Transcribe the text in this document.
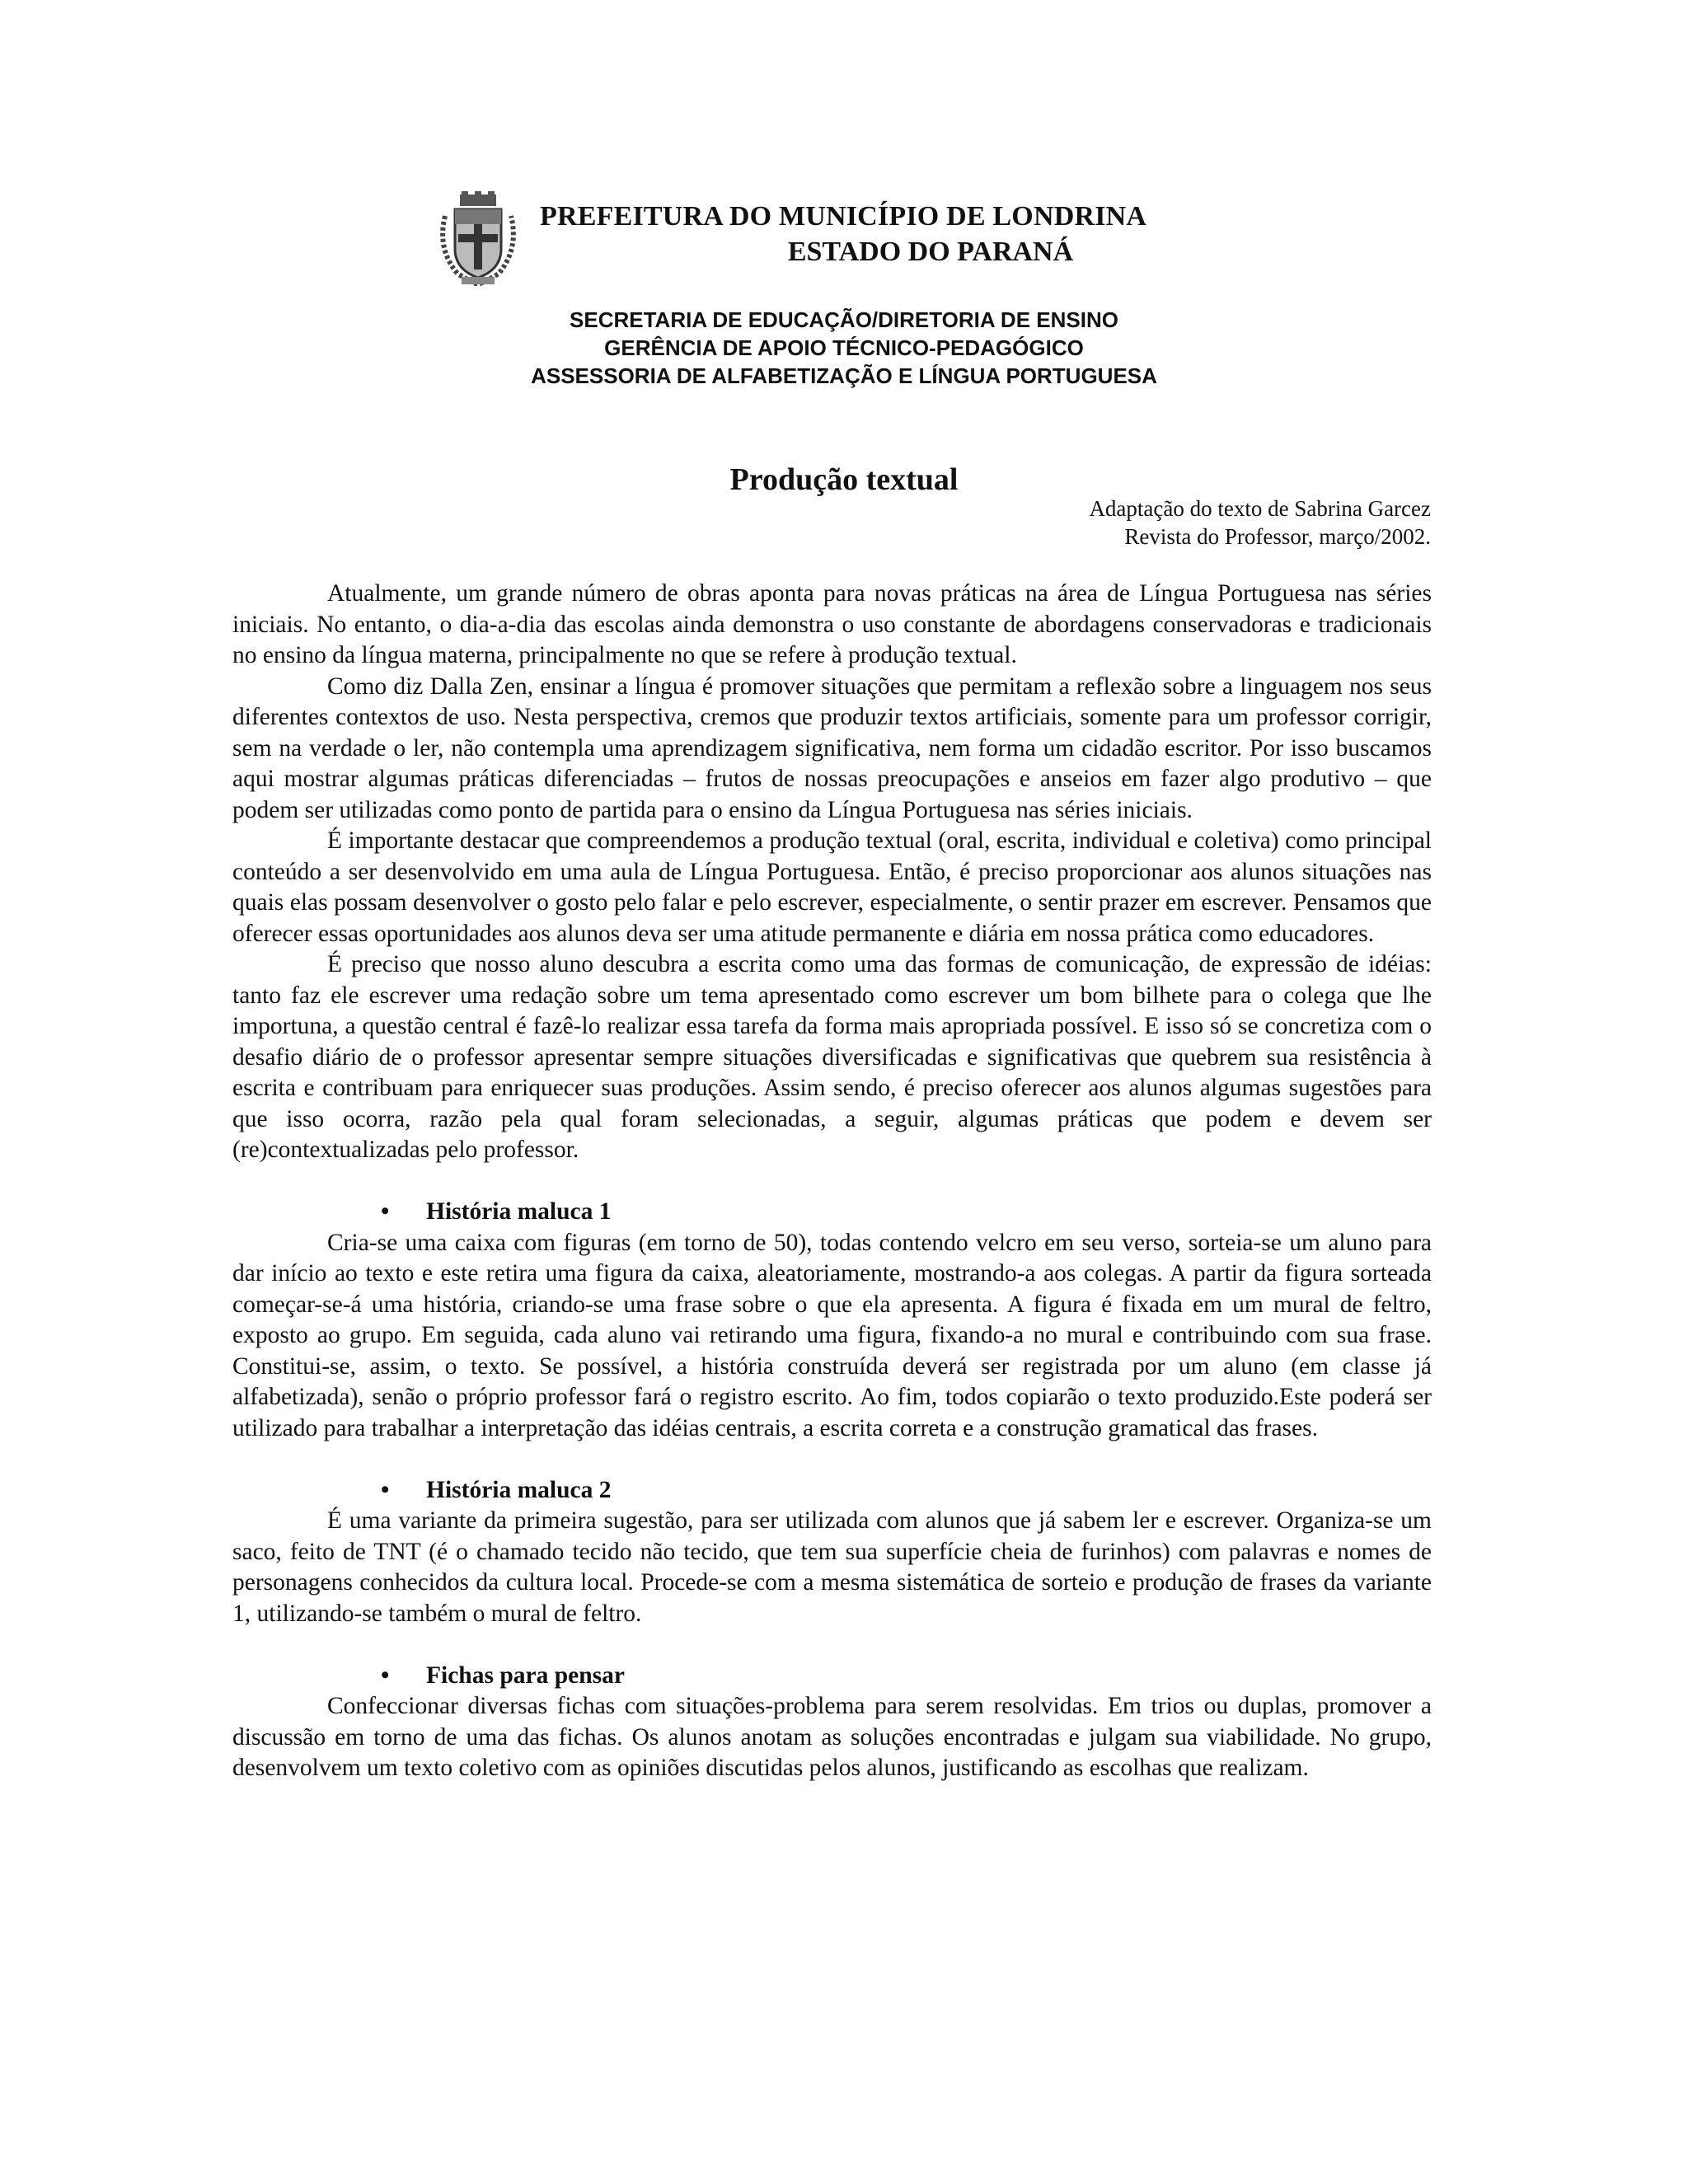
PREFEITURA DO MUNICÍPIO DE LONDRINA
ESTADO DO PARANÁ
SECRETARIA DE EDUCAÇÃO/DIRETORIA DE ENSINO
GERÊNCIA DE APOIO TÉCNICO-PEDAGÓGICO
ASSESSORIA DE ALFABETIZAÇÃO E LÍNGUA PORTUGUESA
Produção textual
Adaptação do texto de Sabrina Garcez
Revista do Professor, março/2002.

Atualmente, um grande número de obras aponta para novas práticas na área de Língua Portuguesa nas séries iniciais. No entanto, o dia-a-dia das escolas ainda demonstra o uso constante de abordagens conservadoras e tradicionais no ensino da língua materna, principalmente no que se refere à produção textual.

Como diz Dalla Zen, ensinar a língua é promover situações que permitam a reflexão sobre a linguagem nos seus diferentes contextos de uso. Nesta perspectiva, cremos que produzir textos artificiais, somente para um professor corrigir, sem na verdade o ler, não contempla uma aprendizagem significativa, nem forma um cidadão escritor. Por isso buscamos aqui mostrar algumas práticas diferenciadas – frutos de nossas preocupações e anseios em fazer algo produtivo – que podem ser utilizadas como ponto de partida para o ensino da Língua Portuguesa nas séries iniciais.

É importante destacar que compreendemos a produção textual (oral, escrita, individual e coletiva) como principal conteúdo a ser desenvolvido em uma aula de Língua Portuguesa. Então, é preciso proporcionar aos alunos situações nas quais elas possam desenvolver o gosto pelo falar e pelo escrever, especialmente, o sentir prazer em escrever. Pensamos que oferecer essas oportunidades aos alunos deva ser uma atitude permanente e diária em nossa prática como educadores.

É preciso que nosso aluno descubra a escrita como uma das formas de comunicação, de expressão de idéias: tanto faz ele escrever uma redação sobre um tema apresentado como escrever um bom bilhete para o colega que lhe importuna, a questão central é fazê-lo realizar essa tarefa da forma mais apropriada possível. E isso só se concretiza com o desafio diário de o professor apresentar sempre situações diversificadas e significativas que quebrem sua resistência à escrita e contribuam para enriquecer suas produções. Assim sendo, é preciso oferecer aos alunos algumas sugestões para que isso ocorra, razão pela qual foram selecionadas, a seguir, algumas práticas que podem e devem ser (re)contextualizadas pelo professor.

• História maluca 1

Cria-se uma caixa com figuras (em torno de 50), todas contendo velcro em seu verso, sorteia-se um aluno para dar início ao texto e este retira uma figura da caixa, aleatoriamente, mostrando-a aos colegas. A partir da figura sorteada começar-se-á uma história, criando-se uma frase sobre o que ela apresenta. A figura é fixada em um mural de feltro, exposto ao grupo. Em seguida, cada aluno vai retirando uma figura, fixando-a no mural e contribuindo com sua frase. Constitui-se, assim, o texto. Se possível, a história construída deverá ser registrada por um aluno (em classe já alfabetizada), senão o próprio professor fará o registro escrito. Ao fim, todos copiarão o texto produzido.Este poderá ser utilizado para trabalhar a interpretação das idéias centrais, a escrita correta e a construção gramatical das frases.

• História maluca 2

É uma variante da primeira sugestão, para ser utilizada com alunos que já sabem ler e escrever. Organiza-se um saco, feito de TNT (é o chamado tecido não tecido, que tem sua superfície cheia de furinhos) com palavras e nomes de personagens conhecidos da cultura local. Procede-se com a mesma sistemática de sorteio e produção de frases da variante 1, utilizando-se também o mural de feltro.

• Fichas para pensar

Confeccionar diversas fichas com situações-problema para serem resolvidas. Em trios ou duplas, promover a discussão em torno de uma das fichas. Os alunos anotam as soluções encontradas e julgam sua viabilidade. No grupo, desenvolvem um texto coletivo com as opiniões discutidas pelos alunos, justificando as escolhas que realizam.
